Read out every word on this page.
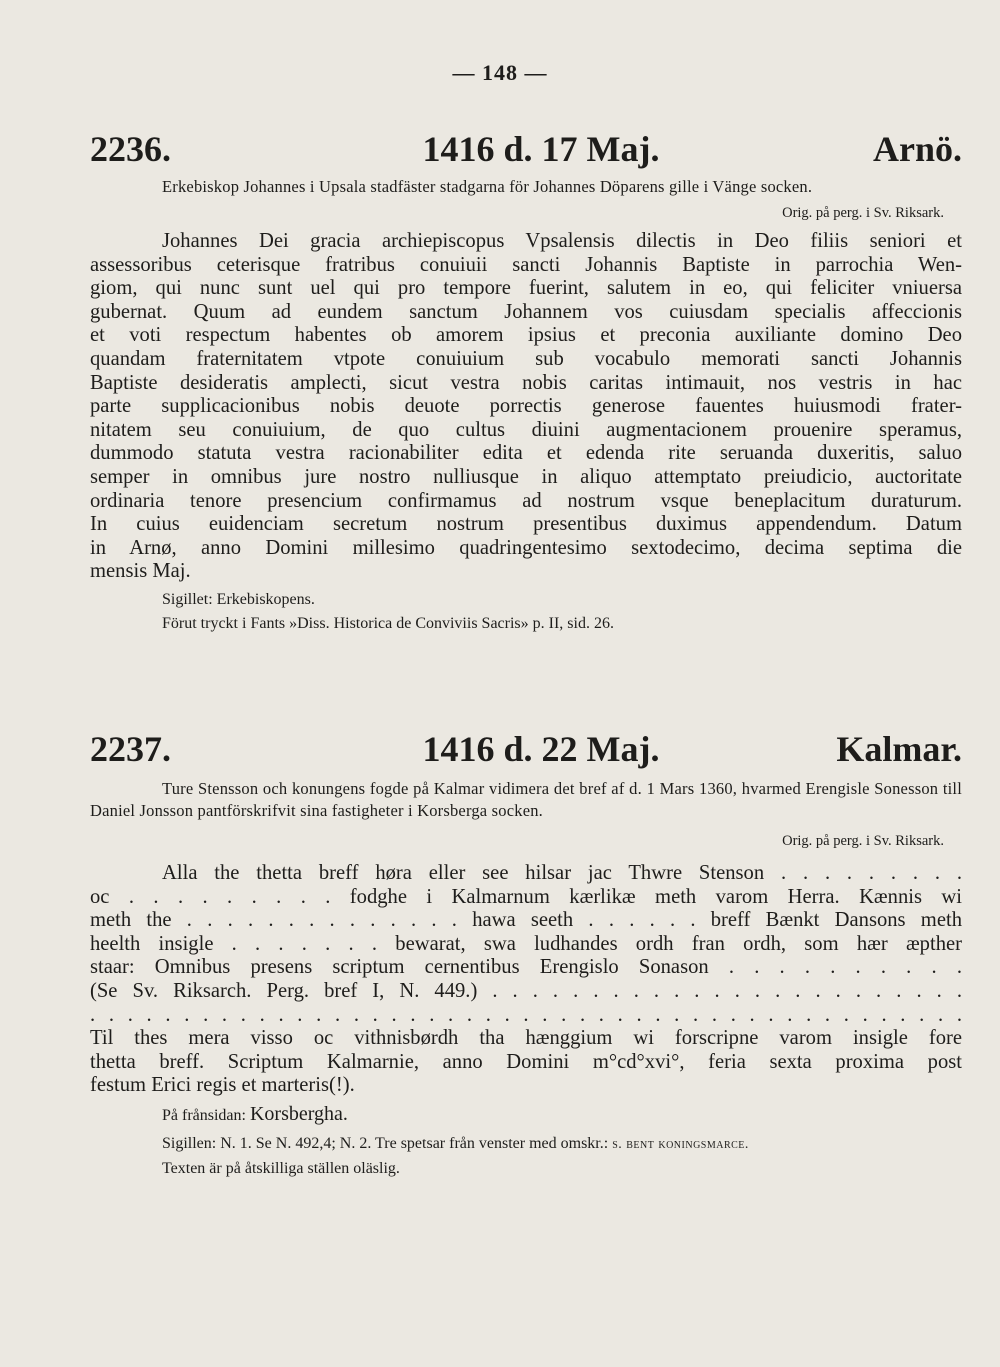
— 148 —
2236.	1416 d. 17 Maj.	Arnö.
Erkebiskop Johannes i Upsala stadfäster stadgarna för Johannes Döparens gille i Vänge socken.
Orig. på perg. i Sv. Riksark.
Johannes Dei gracia archiepiscopus Vpsalensis dilectis in Deo filiis seniori et
assessoribus ceterisque fratribus conuiuii sancti Johannis Baptiste in parrochia Wen-
giom, qui nunc sunt uel qui pro tempore fuerint, salutem in eo, qui feliciter vniuersa
gubernat. Quum ad eundem sanctum Johannem vos cuiusdam specialis affeccionis
et voti respectum habentes ob amorem ipsius et preconia auxiliante domino Deo
quandam fraternitatem vtpote conuiuium sub vocabulo memorati sancti Johannis
Baptiste desideratis amplecti, sicut vestra nobis caritas intimauit, nos vestris in hac
parte supplicacionibus nobis deuote porrectis generose fauentes huiusmodi frater-
nitatem seu conuiuium, de quo cultus diuini augmentacionem prouenire speramus,
dummodo statuta vestra racionabiliter edita et edenda rite seruanda duxeritis, saluo
semper in omnibus jure nostro nulliusque in aliquo attemptato preiudicio, auctoritate
ordinaria tenore presencium confirmamus ad nostrum vsque beneplacitum duraturum.
In cuius euidenciam secretum nostrum presentibus duximus appendendum. Datum
in Arnø, anno Domini millesimo quadringentesimo sextodecimo, decima septima die
mensis Maj.
Sigillet: Erkebiskopens.
Förut tryckt i Fants »Diss. Historica de Conviviis Sacris» p. II, sid. 26.
2237.	1416 d. 22 Maj.	Kalmar.
Ture Stensson och konungens fogde på Kalmar vidimera det bref af d. 1 Mars 1360, hvarmed Erengisle Sonesson till Daniel Jonsson pantförskrifvit sina fastigheter i Korsberga socken.
Orig. på perg. i Sv. Riksark.
Alla the thetta breff høra eller see hilsar jac Thwre Stenson . . . . . . . . .
oc . . . . . . . . . fodghe i Kalmarnum kærlikæ meth varom Herra. Kænnis wi
meth the . . . . . . . . . . . . . . hawa seeth . . . . . . breff Bænkt Dansons meth
heelth insigle . . . . . . . bewarat, swa ludhandes ordh fran ordh, som hær æpther
staar: Omnibus presens scriptum cernentibus Erengislo Sonason . . . . . . . . . .
(Se Sv. Riksarch. Perg. bref I, N. 449.) . . . . . . . . . . . . . . . . . . . . . . . .
. . . . . . . . . . . . . . . . . . . . . . . . . . . . . . . . . . . . . . . . . . . . . . .
Til thes mera visso oc vithnisbørdh tha hænggium wi forscripne varom insigle fore
thetta breff. Scriptum Kalmarnie, anno Domini m°cd°xvi°, feria sexta proxima post
festum Erici regis et marteris(!).
På frånsidan: Korsbergha.
Sigillen: N. 1. Se N. 492,4; N. 2. Tre spetsar från venster med omskr.: s. bent koningsmarce.
Texten är på åtskilliga ställen oläslig.
